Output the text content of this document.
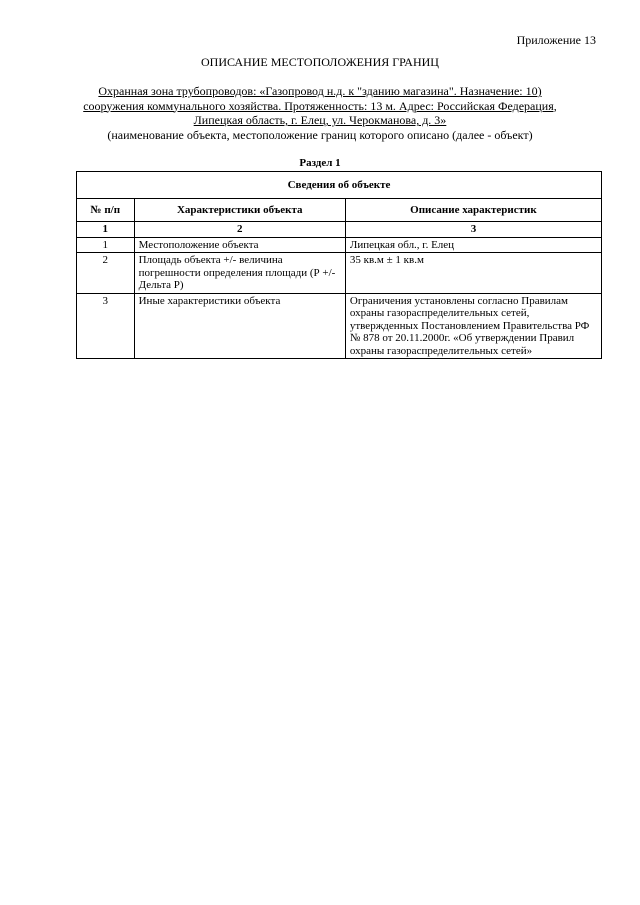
Приложение 13
ОПИСАНИЕ МЕСТОПОЛОЖЕНИЯ ГРАНИЦ
Охранная зона трубопроводов: «Газопровод н.д. к "зданию магазина". Назначение: 10)
сооружения коммунального хозяйства. Протяженность: 13 м. Адрес: Российская Федерация,
Липецкая область, г. Елец, ул. Черокманова, д. 3»
(наименование объекта, местоположение границ которого описано (далее - объект)
Раздел 1
Сведения об объекте		
№ п/п	Характеристики объекта	Описание характеристик
1	2	3
1	Местоположение объекта	Липецкая обл., г. Елец
2	Площадь объекта +/- величина погрешности определения площади (Р +/- Дельта Р)	35 кв.м ± 1 кв.м
3	Иные характеристики объекта	Ограничения установлены согласно Правилам охраны газораспределительных сетей, утвержденных Постановлением Правительства РФ № 878 от 20.11.2000г. «Об утверждении Правил охраны газораспределительных сетей»
